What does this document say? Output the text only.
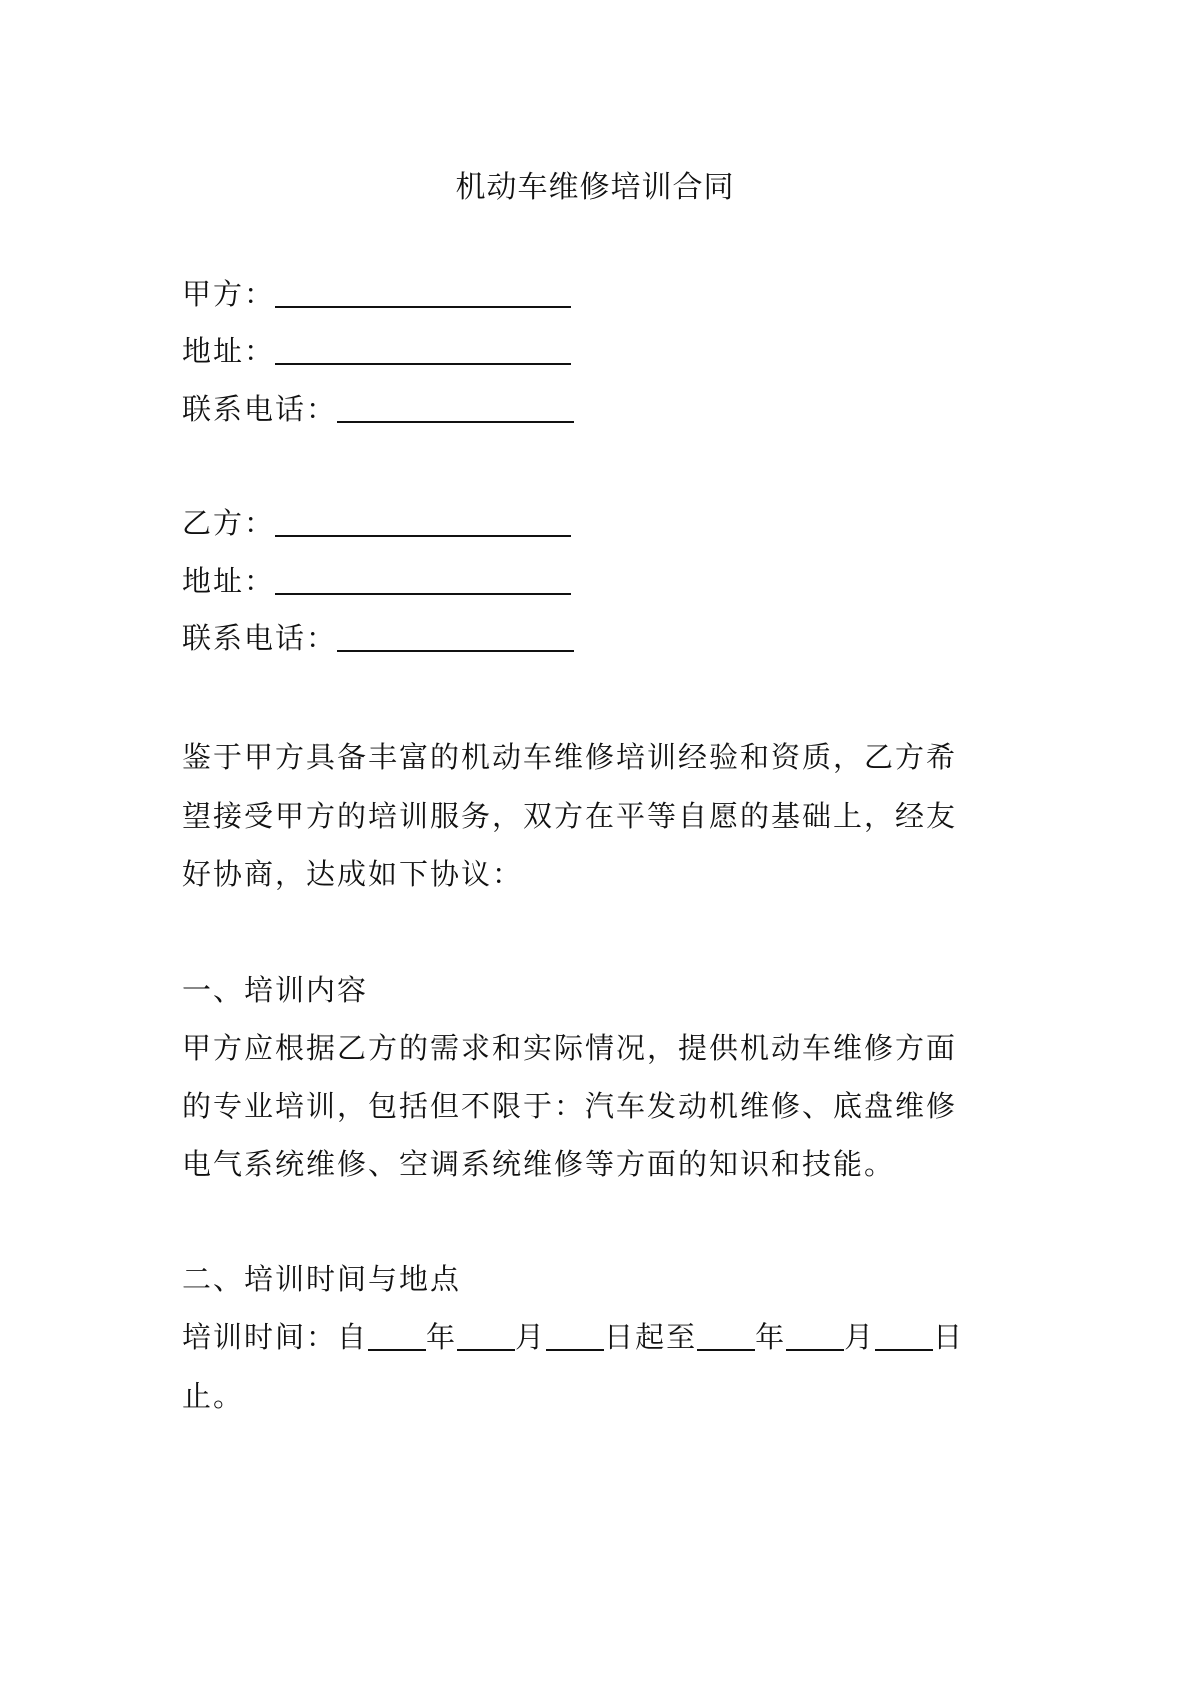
机动车维修培训合同
甲方：
地址：
联系电话：
乙方：
地址：
联系电话：
鉴于甲方具备丰富的机动车维修培训经验和资质，乙方希
望接受甲方的培训服务，双方在平等自愿的基础上，经友
好协商，达成如下协议：
一、培训内容
甲方应根据乙方的需求和实际情况，提供机动车维修方面
的专业培训，包括但不限于：汽车发动机维修、底盘维修
电气系统维修、空调系统维修等方面的知识和技能。
二、培训时间与地点
培训时间：自 年 月 日起至 年 月 日
止。
